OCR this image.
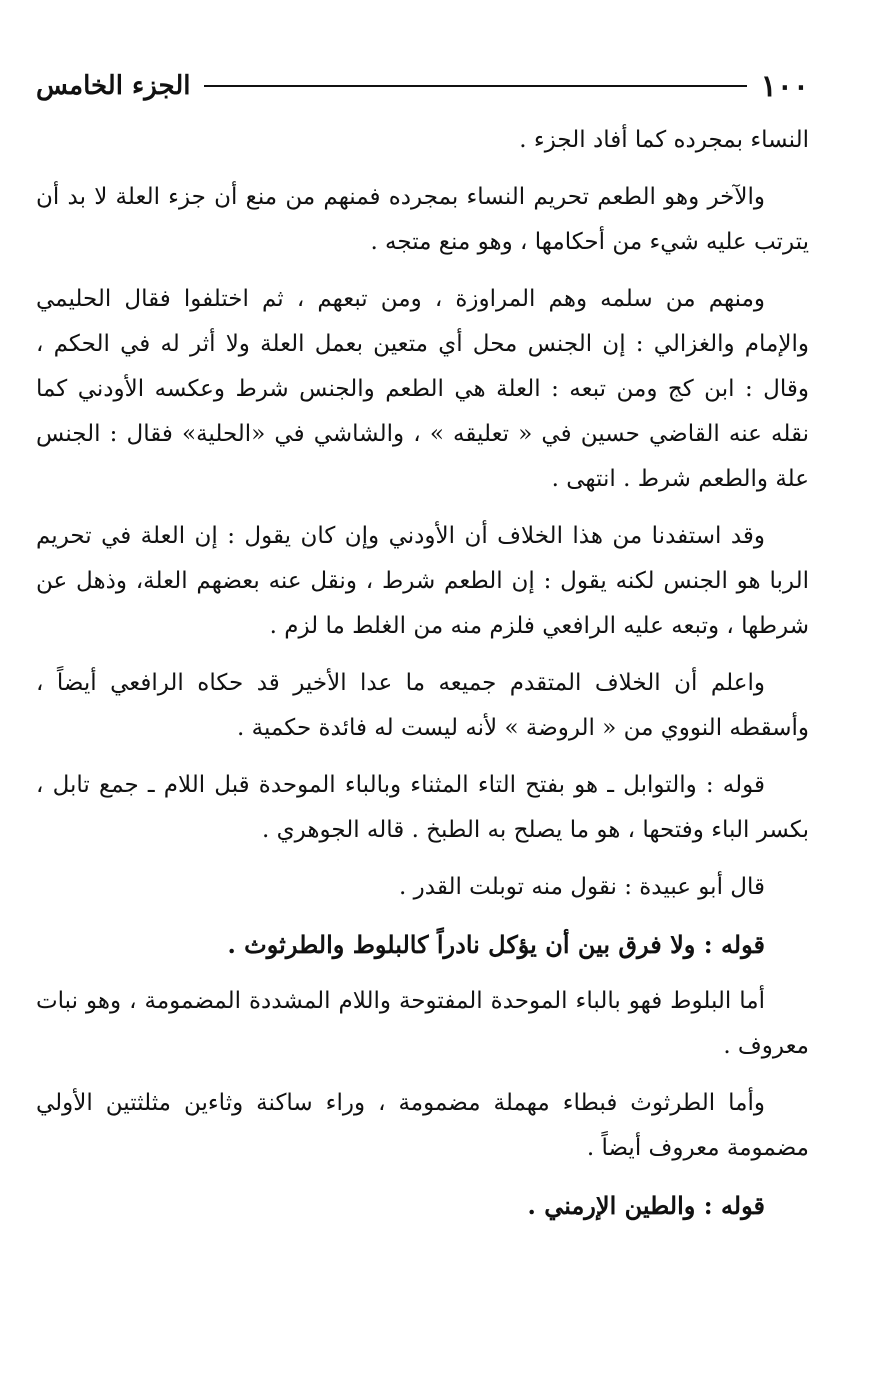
١٠٠
الجزء الخامس

النساء بمجرده كما أفاد الجزء .

والآخر وهو الطعم تحريم النساء بمجرده فمنهم من منع أن جزء العلة لا بد أن يترتب عليه شيء من أحكامها ، وهو منع متجه .

ومنهم من سلمه وهم المراوزة ، ومن تبعهم ، ثم اختلفوا فقال الحليمي والإمام والغزالي : إن الجنس محل أي متعين بعمل العلة ولا أثر له في الحكم ، وقال : ابن كج ومن تبعه : العلة هي الطعم والجنس شرط وعكسه الأودني كما نقله عنه القاضي حسين في « تعليقه » ، والشاشي في «الحلية» فقال : الجنس علة والطعم شرط . انتهى .

وقد استفدنا من هذا الخلاف أن الأودني وإن كان يقول : إن العلة في تحريم الربا هو الجنس لكنه يقول : إن الطعم شرط ، ونقل عنه بعضهم العلة، وذهل عن شرطها ، وتبعه عليه الرافعي فلزم منه من الغلط ما لزم .

واعلم أن الخلاف المتقدم جميعه ما عدا الأخير قد حكاه الرافعي أيضاً ، وأسقطه النووي من « الروضة » لأنه ليست له فائدة حكمية .

قوله : والتوابل ـ هو بفتح التاء المثناء وبالباء الموحدة قبل اللام ـ جمع تابل ، بكسر الباء وفتحها ، هو ما يصلح به الطبخ . قاله الجوهري .

قال أبو عبيدة : نقول منه توبلت القدر .

قوله : ولا فرق بين أن يؤكل نادراً كالبلوط والطرثوث .

أما البلوط فهو بالباء الموحدة المفتوحة واللام المشددة المضمومة ، وهو نبات معروف .

وأما الطرثوث فبطاء مهملة مضمومة ، وراء ساكنة وثاءين مثلثتين الأولي مضمومة معروف أيضاً .

قوله : والطين الإرمني .
